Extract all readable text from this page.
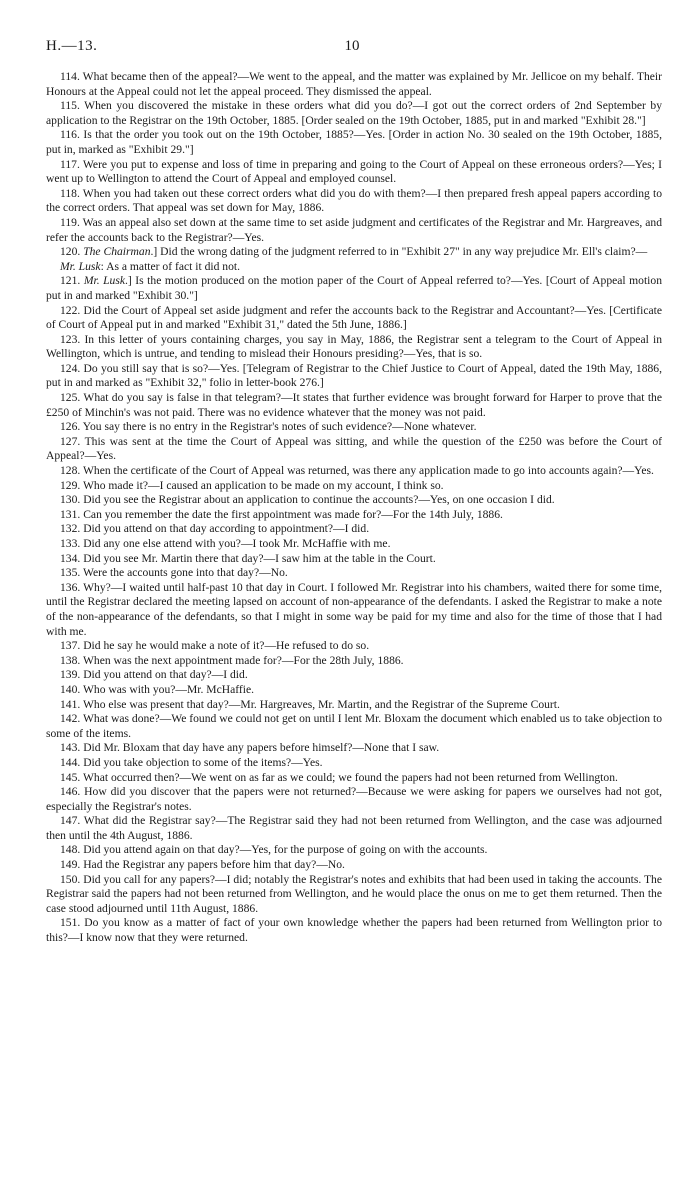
H.—13.	10

114. What became then of the appeal?—We went to the appeal, and the matter was explained by Mr. Jellicoe on my behalf. Their Honours at the Appeal could not let the appeal proceed. They dismissed the appeal.

115. When you discovered the mistake in these orders what did you do?—I got out the correct orders of 2nd September by application to the Registrar on the 19th October, 1885. [Order sealed on the 19th October, 1885, put in and marked "Exhibit 28."]

116. Is that the order you took out on the 19th October, 1885?—Yes. [Order in action No. 30 sealed on the 19th October, 1885, put in, marked as "Exhibit 29."]

117. Were you put to expense and loss of time in preparing and going to the Court of Appeal on these erroneous orders?—Yes; I went up to Wellington to attend the Court of Appeal and employed counsel.

118. When you had taken out these correct orders what did you do with them?—I then prepared fresh appeal papers according to the correct orders. That appeal was set down for May, 1886.

119. Was an appeal also set down at the same time to set aside judgment and certificates of the Registrar and Mr. Hargreaves, and refer the accounts back to the Registrar?—Yes.

120. The Chairman.] Did the wrong dating of the judgment referred to in "Exhibit 27" in any way prejudice Mr. Ell's claim?—

Mr. Lusk: As a matter of fact it did not.

121. Mr. Lusk.] Is the motion produced on the motion paper of the Court of Appeal referred to?—Yes. [Court of Appeal motion put in and marked "Exhibit 30."]

122. Did the Court of Appeal set aside judgment and refer the accounts back to the Registrar and Accountant?—Yes. [Certificate of Court of Appeal put in and marked "Exhibit 31," dated the 5th June, 1886.]

123. In this letter of yours containing charges, you say in May, 1886, the Registrar sent a telegram to the Court of Appeal in Wellington, which is untrue, and tending to mislead their Honours presiding?—Yes, that is so.

124. Do you still say that is so?—Yes. [Telegram of Registrar to the Chief Justice to Court of Appeal, dated the 19th May, 1886, put in and marked as "Exhibit 32," folio in letter-book 276.]

125. What do you say is false in that telegram?—It states that further evidence was brought forward for Harper to prove that the £250 of Minchin's was not paid. There was no evidence whatever that the money was not paid.

126. You say there is no entry in the Registrar's notes of such evidence?—None whatever.

127. This was sent at the time the Court of Appeal was sitting, and while the question of the £250 was before the Court of Appeal?—Yes.

128. When the certificate of the Court of Appeal was returned, was there any application made to go into accounts again?—Yes.

129. Who made it?—I caused an application to be made on my account, I think so.

130. Did you see the Registrar about an application to continue the accounts?—Yes, on one occasion I did.

131. Can you remember the date the first appointment was made for?—For the 14th July, 1886.

132. Did you attend on that day according to appointment?—I did.

133. Did any one else attend with you?—I took Mr. McHaffie with me.

134. Did you see Mr. Martin there that day?—I saw him at the table in the Court.

135. Were the accounts gone into that day?—No.

136. Why?—I waited until half-past 10 that day in Court. I followed Mr. Registrar into his chambers, waited there for some time, until the Registrar declared the meeting lapsed on account of non-appearance of the defendants. I asked the Registrar to make a note of the non-appearance of the defendants, so that I might in some way be paid for my time and also for the time of those that I had with me.

137. Did he say he would make a note of it?—He refused to do so.

138. When was the next appointment made for?—For the 28th July, 1886.

139. Did you attend on that day?—I did.

140. Who was with you?—Mr. McHaffie.

141. Who else was present that day?—Mr. Hargreaves, Mr. Martin, and the Registrar of the Supreme Court.

142. What was done?—We found we could not get on until I lent Mr. Bloxam the document which enabled us to take objection to some of the items.

143. Did Mr. Bloxam that day have any papers before himself?—None that I saw.

144. Did you take objection to some of the items?—Yes.

145. What occurred then?—We went on as far as we could; we found the papers had not been returned from Wellington.

146. How did you discover that the papers were not returned?—Because we were asking for papers we ourselves had not got, especially the Registrar's notes.

147. What did the Registrar say?—The Registrar said they had not been returned from Wellington, and the case was adjourned then until the 4th August, 1886.

148. Did you attend again on that day?—Yes, for the purpose of going on with the accounts.

149. Had the Registrar any papers before him that day?—No.

150. Did you call for any papers?—I did; notably the Registrar's notes and exhibits that had been used in taking the accounts. The Registrar said the papers had not been returned from Wellington, and he would place the onus on me to get them returned. Then the case stood adjourned until 11th August, 1886.

151. Do you know as a matter of fact of your own knowledge whether the papers had been returned from Wellington prior to this?—I know now that they were returned.
